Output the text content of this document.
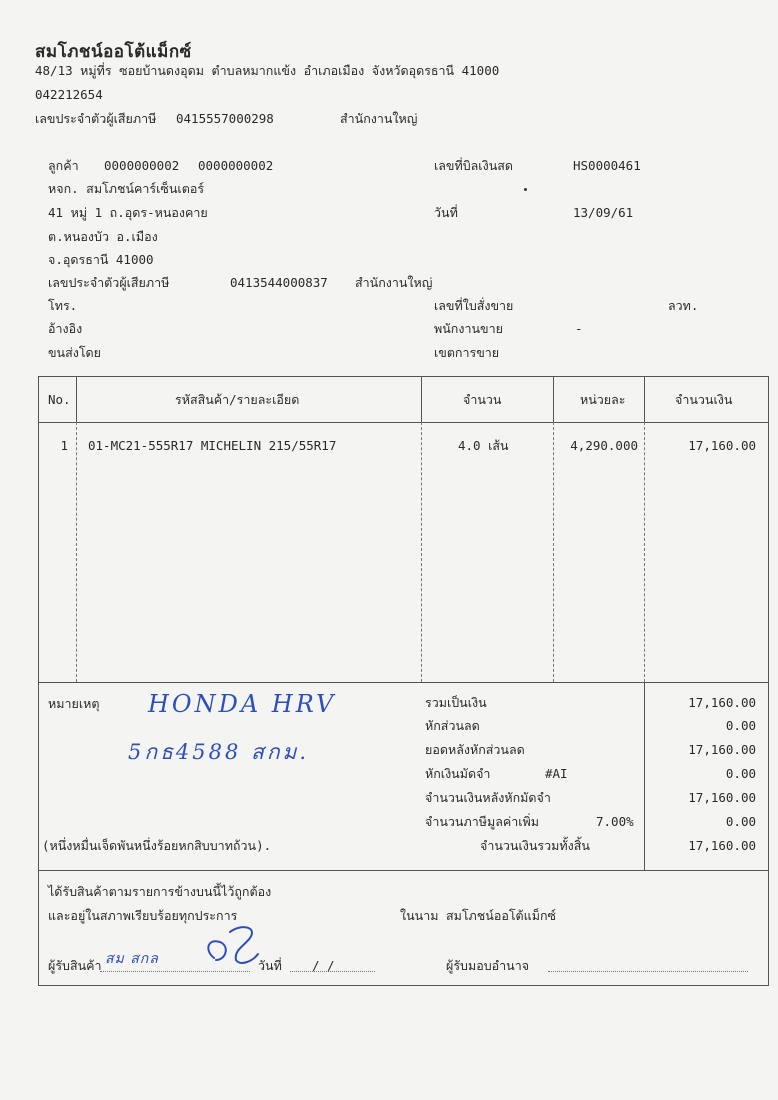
สมโภชน์ออโต้แม็กซ์
48/13 หมู่ที่ร ซอยบ้านดงอุดม ตำบลหมากแข้ง อำเภอเมือง จังหวัดอุดรธานี 41000
042212654
เลขประจำตัวผู้เสียภาษี 0415557000298	สำนักงานใหญ่
ลูกค้า 0000000002 0000000002
หจก. สมโภชน์คาร์เซ็นเตอร์
41 หมู่ 1 ถ.อุดร-หนองคาย
ต.หนองบัว อ.เมือง
จ.อุดรธานี 41000
เลขประจำตัวผู้เสียภาษี	0413544000837 สำนักงานใหญ่
โทร.
อ้างอิง
ขนส่งโดย
เลขที่บิลเงินสด	HS0000461
วันที่	13/09/61
เลขที่ใบสั่งขาย	ลวท.
พนักงานขาย	-
เขตการขาย
No.	รหัสสินค้า/รายละเอียด	จำนวน	หน่วยละ	จำนวนเงิน
1 01-MC21-555R17 MICHELIN 215/55R17	4.0 เส้น	4,290.000	17,160.00
หมายเหตุ HONDA HRV
5กธ4588 สกม.
(หนึ่งหมื่นเจ็ดพันหนึ่งร้อยหกสิบบาทถ้วน).
รวมเป็นเงิน	17,160.00
หักส่วนลด	0.00
ยอดหลังหักส่วนลด	17,160.00
หักเงินมัดจำ	#AI	0.00
จำนวนเงินหลังหักมัดจำ	17,160.00
จำนวนภาษีมูลค่าเพิ่ม	7.00%	0.00
จำนวนเงินรวมทั้งสิ้น	17,160.00
ได้รับสินค้าตามรายการข้างบนนี้ไว้ถูกต้อง
และอยู่ในสภาพเรียบร้อยทุกประการ	ในนาม สมโภชน์ออโต้แม็กซ์
ผู้รับสินค้า สม สกล	วันที่ / /	ผู้รับมอบอำนาจ
